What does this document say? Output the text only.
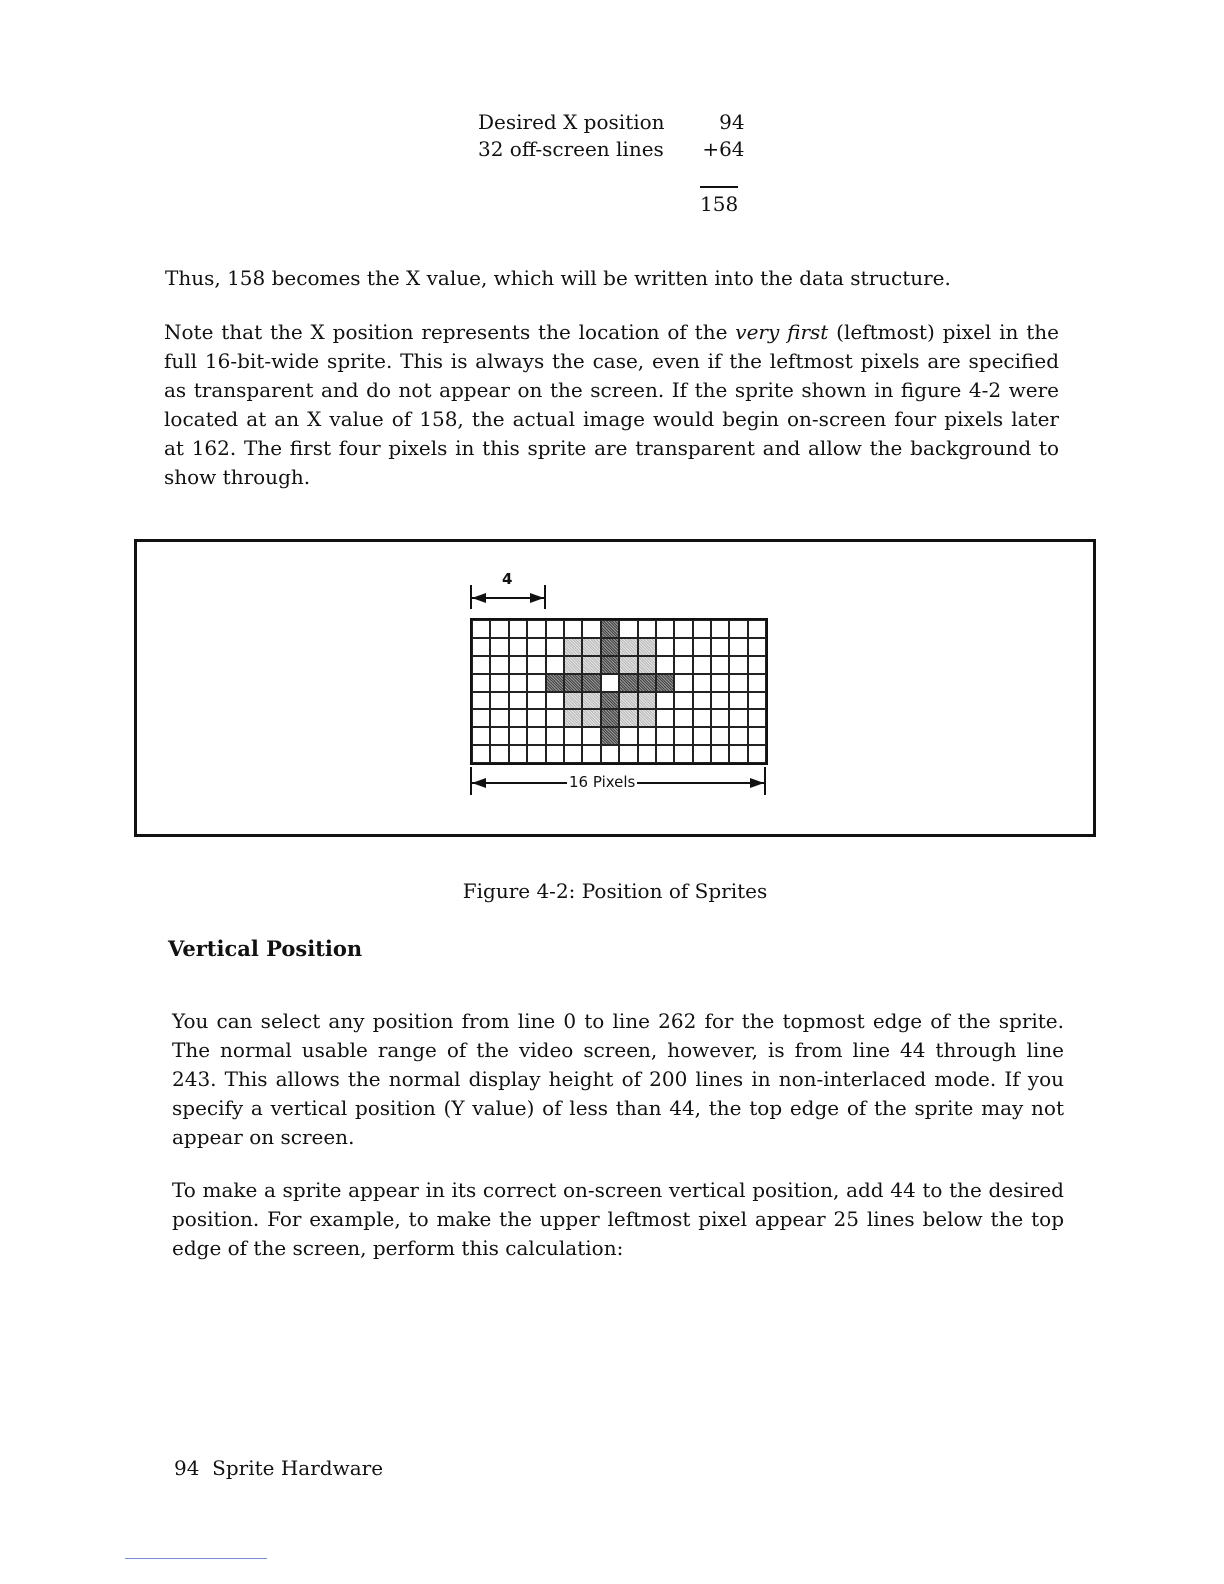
Desired X position	94
32 off-screen lines	+64
158
Thus, 158 becomes the X value, which will be written into the data structure.
Note that the X position represents the location of the very first (leftmost) pixel in the full 16-bit-wide sprite. This is always the case, even if the leftmost pixels are specified as transparent and do not appear on the screen. If the sprite shown in figure 4-2 were located at an X value of 158, the actual image would begin on-screen four pixels later at 162. The first four pixels in this sprite are transparent and allow the background to show through.
4
16 Pixels
Figure 4-2: Position of Sprites
Vertical Position
You can select any position from line 0 to line 262 for the topmost edge of the sprite. The normal usable range of the video screen, however, is from line 44 through line 243. This allows the normal display height of 200 lines in non-interlaced mode. If you specify a vertical position (Y value) of less than 44, the top edge of the sprite may not appear on screen.
To make a sprite appear in its correct on-screen vertical position, add 44 to the desired position. For example, to make the upper leftmost pixel appear 25 lines below the top edge of the screen, perform this calculation:
94  Sprite Hardware
